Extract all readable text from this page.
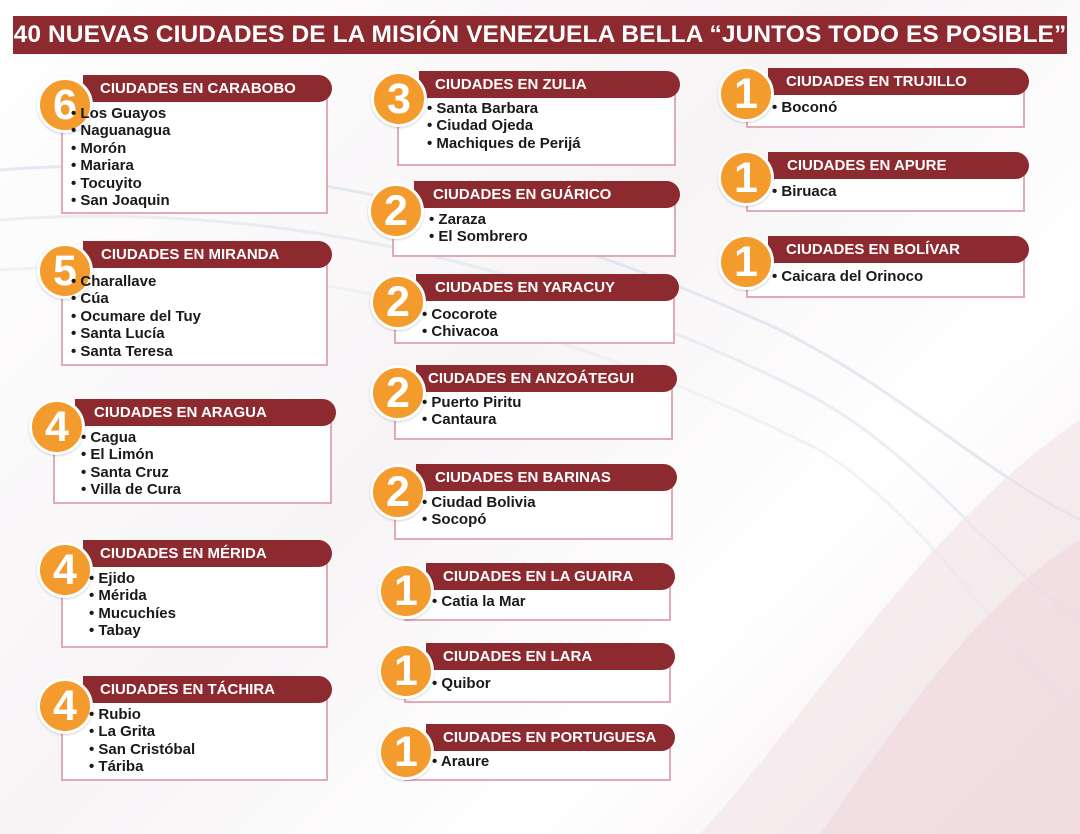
40 NUEVAS CIUDADES DE LA MISIÓN VENEZUELA BELLA “JUNTOS TODO ES POSIBLE”
CIUDADES EN CARABOBO
6 • Los Guayos
• Naguanagua
• Morón
• Mariara
• Tocuyito
• San Joaquin
CIUDADES EN MIRANDA
5 • Charallave
• Cúa
• Ocumare del Tuy
• Santa Lucía
• Santa Teresa
CIUDADES EN ARAGUA
4	• Cagua
• El Limón
• Santa Cruz
• Villa de Cura
CIUDADES EN MÉRIDA
4	• Ejido
• Mérida
• Mucuchíes
• Tabay
CIUDADES EN TÁCHIRA
4	• Rubio
• La Grita
• San Cristóbal
• Táriba
CIUDADES EN ZULIA
3	• Santa Barbara
• Ciudad Ojeda
• Machiques de Perijá
CIUDADES EN GUÁRICO
2	• Zaraza
• El Sombrero
CIUDADES EN YARACUY
2	• Cocorote
• Chivacoa
CIUDADES EN ANZOÁTEGUI
2	• Puerto Piritu
• Cantaura
CIUDADES EN BARINAS
2	• Ciudad Bolivia
• Socopó
CIUDADES EN LA GUAIRA
1	• Catia la Mar
CIUDADES EN LARA
1	• Quibor
CIUDADES EN PORTUGUESA
1	• Araure
CIUDADES EN TRUJILLO
1	• Boconó
CIUDADES EN APURE
1	• Biruaca
CIUDADES EN BOLÍVAR
1	• Caicara del Orinoco
